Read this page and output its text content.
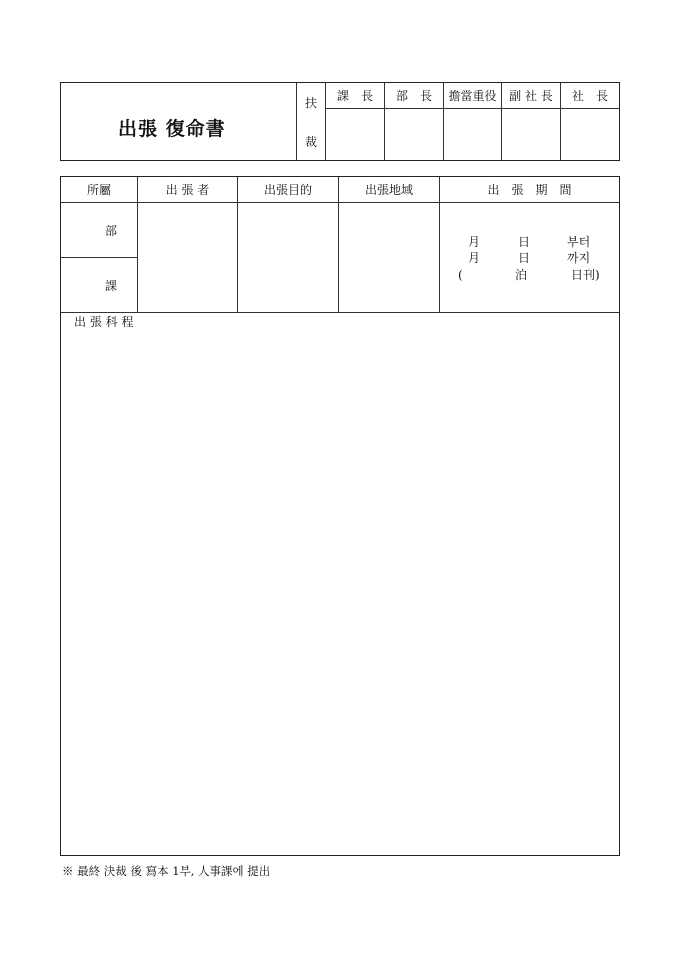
出張 復命書
扶
裁
課　長	部　長	擔當重役	副 社 長	社　長
所屬	出 張 者	出張目的	出張地域	出　張　期　間
部
課
月	日	부터
月	日	까지
(	泊	日刊)
出 張 科 程
※ 最終 決裁 後 寫本 1부, 人事課에 提出
